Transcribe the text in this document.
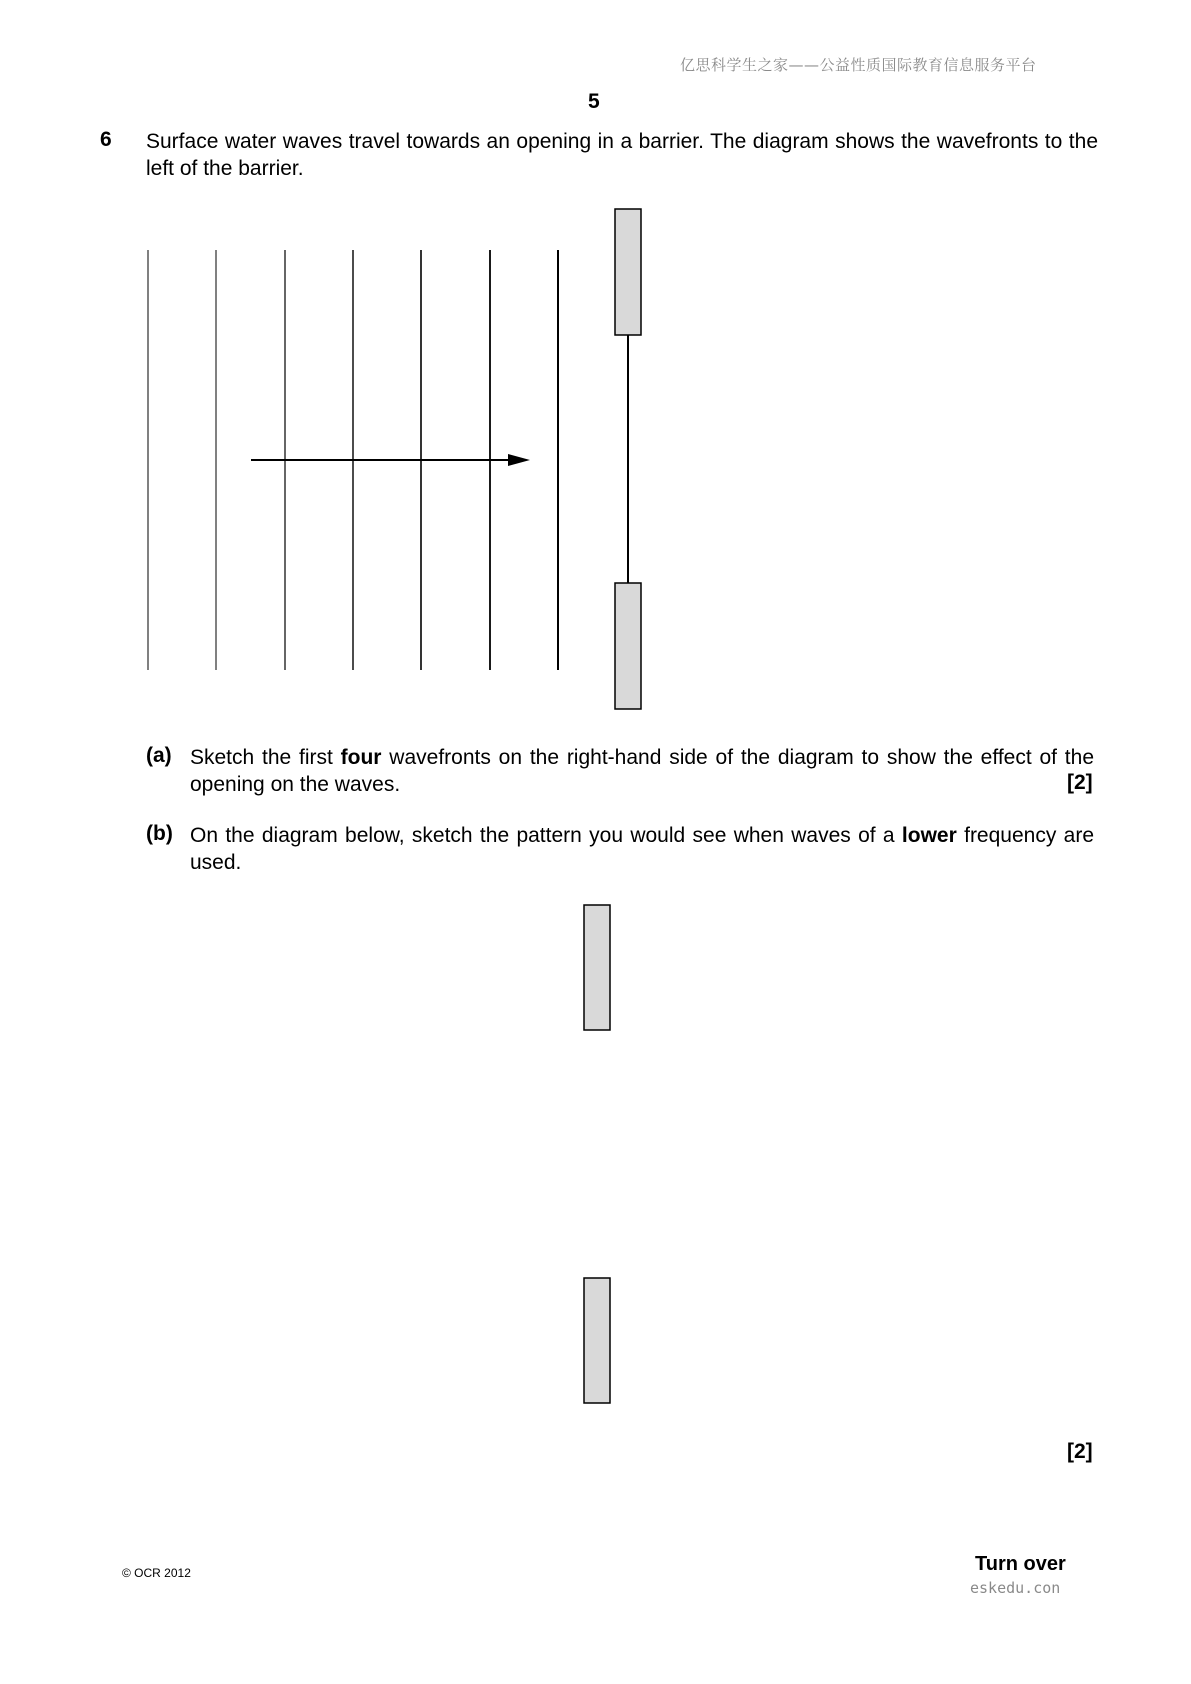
亿思科学生之家——公益性质国际教育信息服务平台
5
6 Surface water waves travel towards an opening in a barrier. The diagram shows the wavefronts to the left of the barrier.
(a) Sketch the first four wavefronts on the right-hand side of the diagram to show the effect of the opening on the waves.	[2]
(b) On the diagram below, sketch the pattern you would see when waves of a lower frequency are used.
[2]
© OCR 2012	Turn over
eskedu.con
